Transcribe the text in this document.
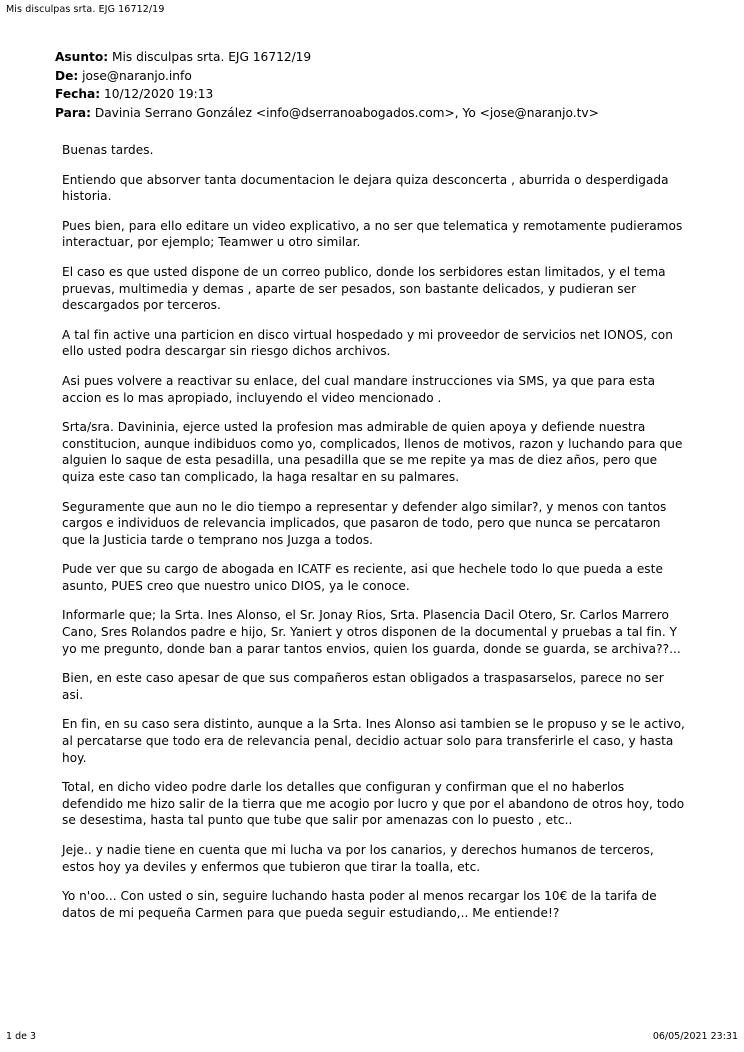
Mis disculpas srta. EJG 16712/19
Asunto: Mis disculpas srta. EJG 16712/19
De: jose@naranjo.info
Fecha: 10/12/2020 19:13
Para: Davinia Serrano González <info@dserranoabogados.com>, Yo <jose@naranjo.tv>

Buenas tardes.

Entiendo que absorver tanta documentacion le dejara quiza desconcerta , aburrida o desperdigada historia.

Pues bien, para ello editare un video explicativo, a no ser que telematica y remotamente pudieramos interactuar, por ejemplo; Teamwer u otro similar.

El caso es que usted dispone de un correo publico, donde los serbidores estan limitados, y el tema pruevas, multimedia y demas , aparte de ser pesados, son bastante delicados, y pudieran ser descargados por terceros.

A tal fin active una particion en disco virtual hospedado y mi proveedor de servicios net IONOS, con ello usted podra descargar sin riesgo dichos archivos.

Asi pues volvere a reactivar su enlace, del cual mandare instrucciones via SMS, ya que para esta accion es lo mas apropiado, incluyendo el video mencionado .

Srta/sra. Davininia, ejerce usted la profesion mas admirable de quien apoya y defiende nuestra constitucion, aunque indibiduos como yo, complicados, llenos de motivos, razon y luchando para que alguien lo saque de esta pesadilla, una pesadilla que se me repite ya mas de diez años, pero que quiza este caso tan complicado, la haga resaltar en su palmares.

Seguramente que aun no le dio tiempo a representar y defender algo similar?, y menos con tantos cargos e individuos de relevancia implicados, que pasaron de todo, pero que nunca se percataron que la Justicia tarde o temprano nos Juzga a todos.

Pude ver que su cargo de abogada en ICATF es reciente, asi que hechele todo lo que pueda a este asunto, PUES creo que nuestro unico DIOS, ya le conoce.

Informarle que; la Srta. Ines Alonso, el Sr. Jonay Rios, Srta. Plasencia Dacil Otero, Sr. Carlos Marrero Cano, Sres Rolandos padre e hijo, Sr. Yaniert y otros disponen de la documental y pruebas a tal fin. Y yo me pregunto, donde ban a parar tantos envios, quien los guarda, donde se guarda, se archiva??...

Bien, en este caso apesar de que sus compañeros estan obligados a traspasarselos, parece no ser asi.

En fin, en su caso sera distinto, aunque a la Srta. Ines Alonso asi tambien se le propuso y se le activo, al percatarse que todo era de relevancia penal, decidio actuar solo para transferirle el caso, y hasta hoy.

Total, en dicho video podre darle los detalles que configuran y confirman que el no haberlos defendido me hizo salir de la tierra que me acogio por lucro y que por el abandono de otros hoy, todo se desestima, hasta tal punto que tube que salir por amenazas con lo puesto , etc..

Jeje.. y nadie tiene en cuenta que mi lucha va por los canarios, y derechos humanos de terceros, estos hoy ya deviles y enfermos que tubieron que tirar la toalla, etc.

Yo n'oo... Con usted o sin, seguire luchando hasta poder al menos recargar los 10€ de la tarifa de datos de mi pequeña Carmen para que pueda seguir estudiando,.. Me entiende!?

1 de 3	06/05/2021 23:31
